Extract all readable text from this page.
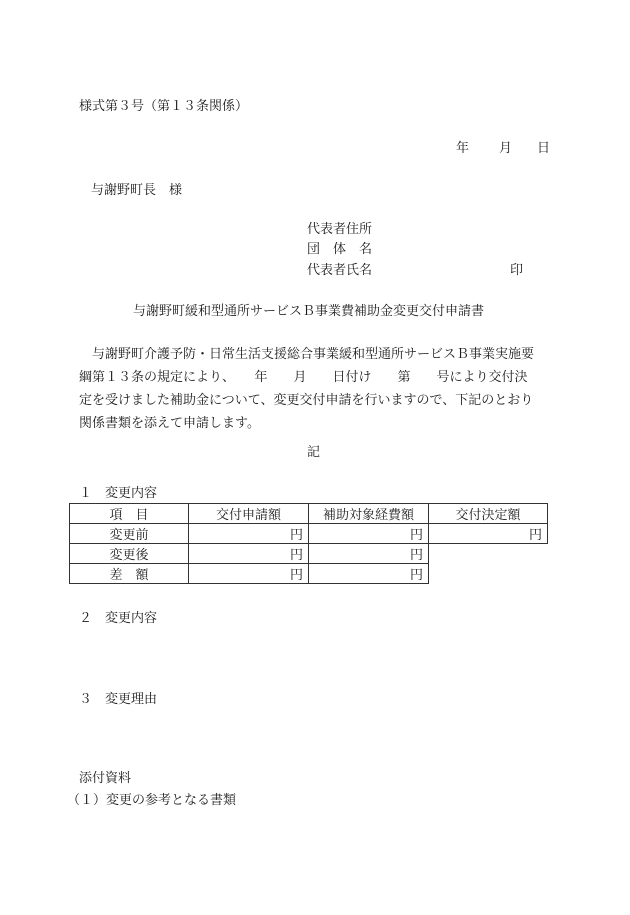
様式第３号（第１３条関係）
年 月 日
与謝野町長　様
代表者住所
団　体　名
代表者氏名	印
与謝野町緩和型通所サービスＢ事業費補助金変更交付申請書
与謝野町介護予防・日常生活支援総合事業緩和型通所サービスＢ事業実施要
綱第１３条の規定により、　　年　　月　　日付け　　第　　号により交付決
定を受けました補助金について、変更交付申請を行いますので、下記のとおり
関係書類を添えて申請します。
記
１　変更内容
項　目	交付申請額	補助対象経費額	交付決定額
変更前	円	円	円
変更後	円	円	
差　額	円	円	
２　変更内容
３　変更理由
添付資料
（１）変更の参考となる書類
